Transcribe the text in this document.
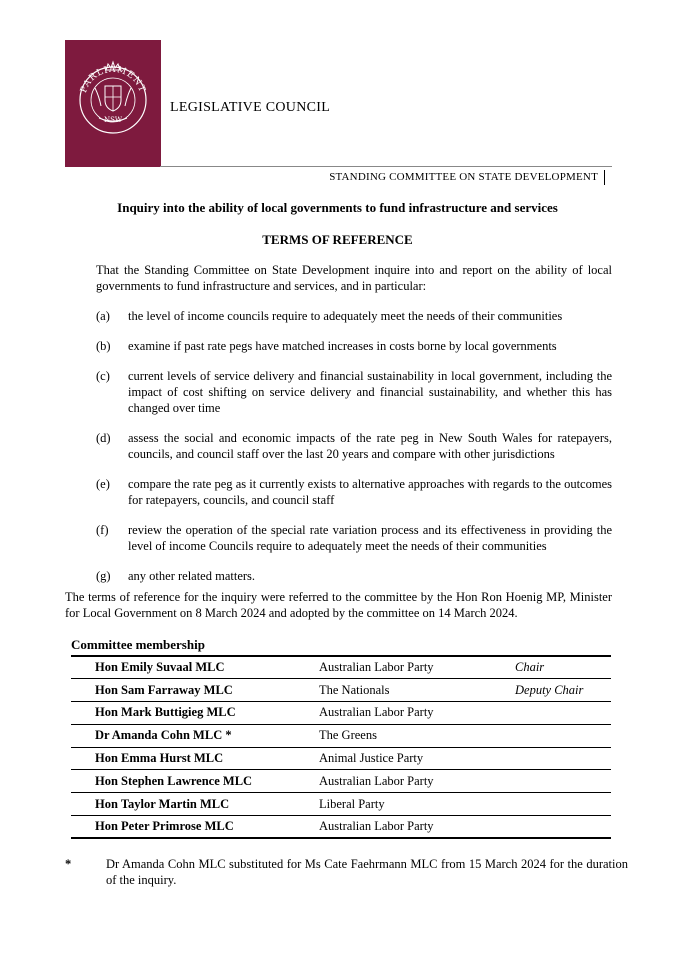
PARLIAMENT
NSW
LEGISLATIVE COUNCIL
STANDING COMMITTEE ON STATE DEVELOPMENT
Inquiry into the ability of local governments to fund infrastructure and services
TERMS OF REFERENCE
That the Standing Committee on State Development inquire into and report on the ability of local governments to fund infrastructure and services, and in particular:
(a)	the level of income councils require to adequately meet the needs of their communities
(b)	examine if past rate pegs have matched increases in costs borne by local governments
(c)	current levels of service delivery and financial sustainability in local government, including the impact of cost shifting on service delivery and financial sustainability, and whether this has changed over time
(d)	assess the social and economic impacts of the rate peg in New South Wales for ratepayers, councils, and council staff over the last 20 years and compare with other jurisdictions
(e)	compare the rate peg as it currently exists to alternative approaches with regards to the outcomes for ratepayers, councils, and council staff
(f)	review the operation of the special rate variation process and its effectiveness in providing the level of income Councils require to adequately meet the needs of their communities
(g)	any other related matters.
The terms of reference for the inquiry were referred to the committee by the Hon Ron Hoenig MP, Minister for Local Government on 8 March 2024 and adopted by the committee on 14 March 2024.
Committee membership
Hon Emily Suvaal MLC	Australian Labor Party	Chair
Hon Sam Farraway MLC	The Nationals	Deputy Chair
Hon Mark Buttigieg MLC	Australian Labor Party	
Dr Amanda Cohn MLC *	The Greens	
Hon Emma Hurst MLC	Animal Justice Party	
Hon Stephen Lawrence MLC	Australian Labor Party	
Hon Taylor Martin MLC	Liberal Party	
Hon Peter Primrose MLC	Australian Labor Party	
*	Dr Amanda Cohn MLC substituted for Ms Cate Faehrmann MLC from 15 March 2024 for the duration of the inquiry.
